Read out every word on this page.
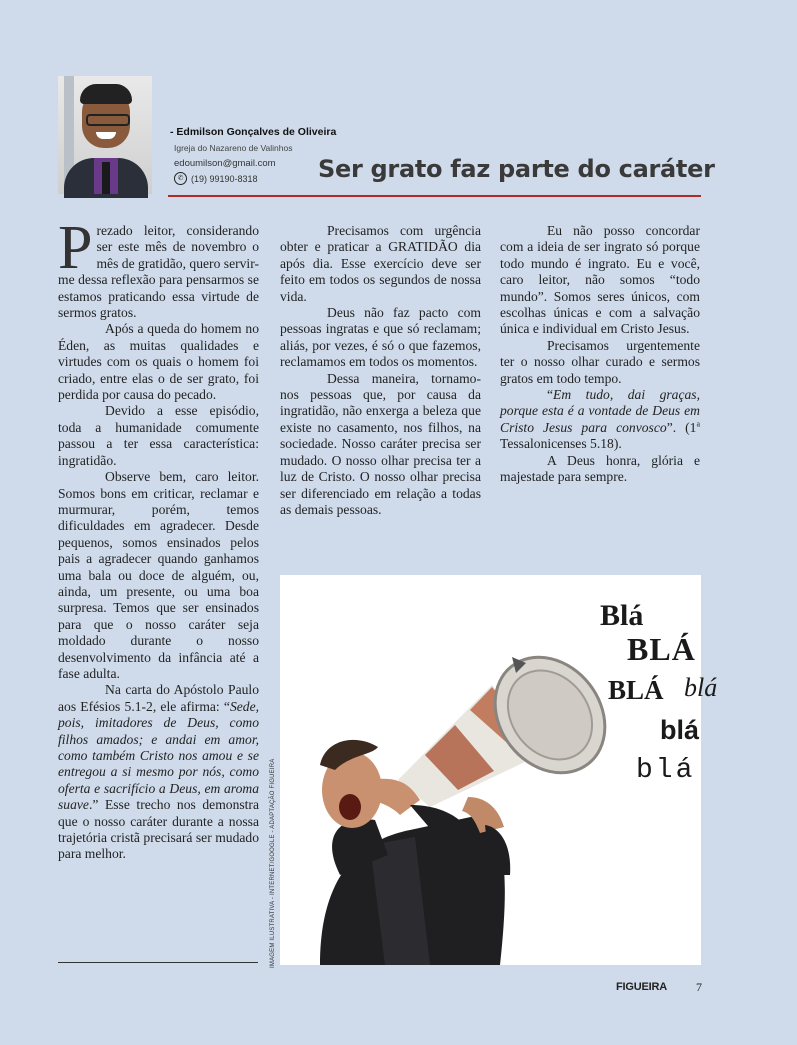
- Edmilson Gonçalves de Oliveira
Igreja do Nazareno de Valinhos
edoumilson@gmail.com
✆ (19) 99190-8318	Ser grato faz parte do caráter

Prezado leitor, considerando ser este mês de novembro o mês de gratidão, quero servir-me dessa reflexão para pensarmos se estamos praticando essa virtude de sermos gratos.

Após a queda do homem no Éden, as muitas qualidades e virtudes com os quais o homem foi criado, entre elas o de ser grato, foi perdida por causa do pecado.

Devido a esse episódio, toda a humanidade comumente passou a ter essa característica: ingratidão.

Observe bem, caro leitor. Somos bons em criticar, reclamar e murmurar, porém, temos dificuldades em agradecer. Desde pequenos, somos ensinados pelos pais a agradecer quando ganhamos uma bala ou doce de alguém, ou, ainda, um presente, ou uma boa surpresa. Temos que ser ensinados para que o nosso caráter seja moldado durante o nosso desenvolvimento da infância até a fase adulta.

Na carta do Apóstolo Paulo aos Efésios 5.1-2, ele afirma: “Sede, pois, imitadores de Deus, como filhos amados; e andai em amor, como também Cristo nos amou e se entregou a si mesmo por nós, como oferta e sacrifício a Deus, em aroma suave.” Esse trecho nos demonstra que o nosso caráter durante a nossa trajetória cristã precisará ser mudado para melhor.

Precisamos com urgência obter e praticar a GRATIDÃO dia após dia. Esse exercício deve ser feito em todos os segundos de nossa vida.

Deus não faz pacto com pessoas ingratas e que só reclamam; aliás, por vezes, é só o que fazemos, reclamamos em todos os momentos.

Dessa maneira, tornamo-nos pessoas que, por causa da ingratidão, não enxerga a beleza que existe no casamento, nos filhos, na sociedade. Nosso caráter precisa ser mudado. O nosso olhar precisa ter a luz de Cristo. O nosso olhar precisa ser diferenciado em relação a todas as demais pessoas.

Eu não posso concordar com a ideia de ser ingrato só porque todo mundo é ingrato. Eu e você, caro leitor, não somos “todo mundo”. Somos seres únicos, com escolhas únicas e com a salvação única e individual em Cristo Jesus.

Precisamos urgentemente ter o nosso olhar curado e sermos gratos em todo tempo.

“Em tudo, dai graças, porque esta é a vontade de Deus em Cristo Jesus para convosco”. (1$^a$ Tessalonicenses 5.18).

A Deus honra, glória e majestade para sempre.

IMAGEM ILUSTRATIVA - INTERNET/GOOGLE - ADAPTAÇÃO FIGUEIRA
Blá
BLÁ
BLÁ blá
blá
blá
FIGUEIRA 7
